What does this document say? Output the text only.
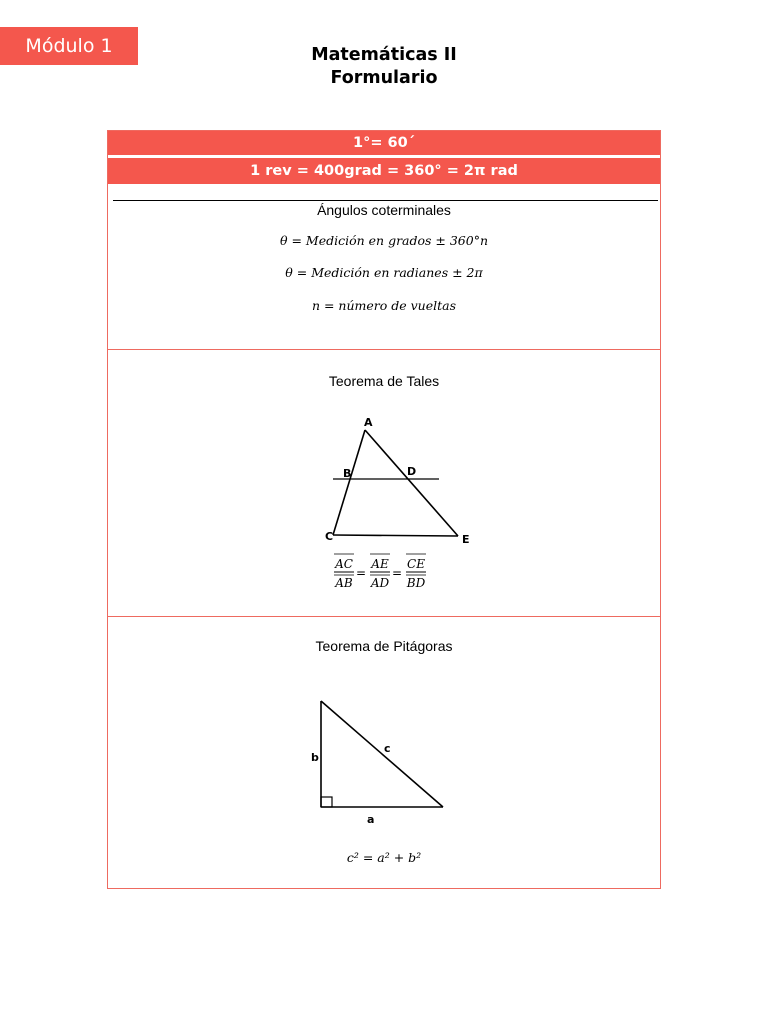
Módulo 1	Matemáticas II
Formulario
1°= 60´
1 rev = 400grad = 360° = 2π rad
Ángulos coterminales
θ = Medición en grados ± 360°n
θ = Medición en radianes ± 2π
n = número de vueltas
Teorema de Tales
A
B	D
C	E
AC
AB
=
AE
AD
=
CE
BD
Teorema de Pitágoras
b
c
a
c² = a² + b²
